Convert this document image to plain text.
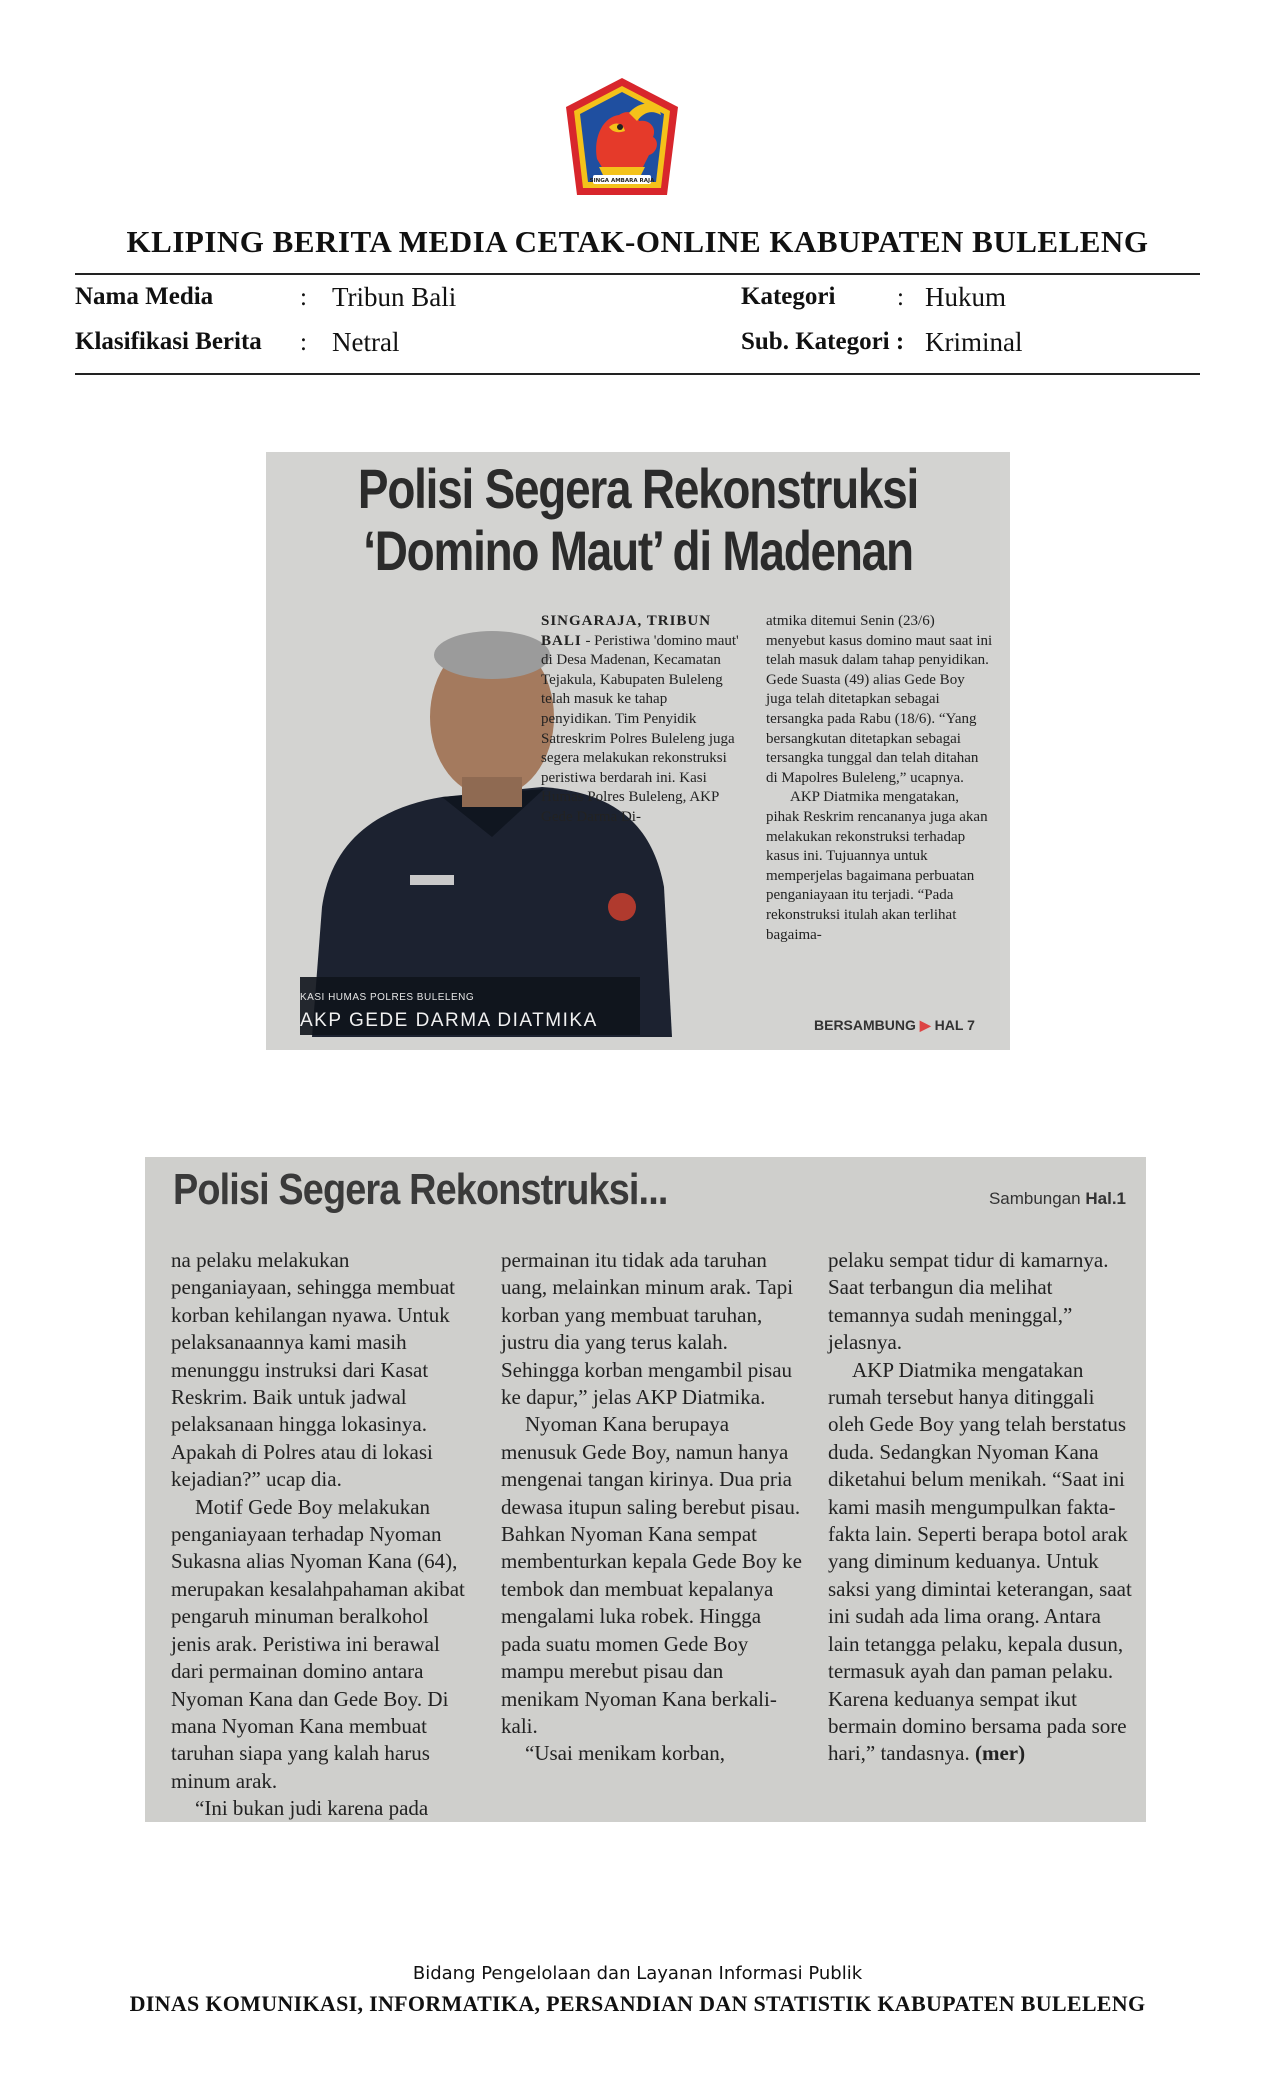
SINGA AMBARA RAJA
KLIPING BERITA MEDIA CETAK-ONLINE KABUPATEN BULELENG
Nama Media	: Tribun Bali
Klasifikasi Berita : Netral
Kategori : Hukum
Sub. Kategori : Kriminal
Polisi Segera Rekonstruksi
‘Domino Maut’ di Madenan
KASI HUMAS POLRES BULELENG
AKP GEDE DARMA DIATMIKA

SINGARAJA, TRIBUN BALI - Peristiwa 'domino maut' di Desa Madenan, Kecamatan Tejakula, Kabupaten Buleleng telah masuk ke tahap penyidikan. Tim Penyidik Satreskrim Polres Buleleng juga segera melakukan rekonstruksi peristiwa berdarah ini. Kasi Humas Polres Buleleng, AKP Gede Darma Di-

atmika ditemui Senin (23/6) menyebut kasus domino maut saat ini telah masuk dalam tahap penyidikan. Gede Suasta (49) alias Gede Boy juga telah ditetapkan sebagai tersangka pada Rabu (18/6). “Yang bersangkutan ditetapkan sebagai tersangka tunggal dan telah ditahan di Mapolres Buleleng,” ucapnya.

AKP Diatmika mengatakan, pihak Reskrim rencananya juga akan melakukan rekonstruksi terhadap kasus ini. Tujuannya untuk memperjelas bagaimana perbuatan penganiayaan itu terjadi. “Pada rekonstruksi itulah akan terlihat bagaima-

BERSAMBUNG ▶ HAL 7
Polisi Segera Rekonstruksi...	Sambungan Hal.1

na pelaku melakukan penganiayaan, sehingga membuat korban kehilangan nyawa. Untuk pelaksanaannya kami masih menunggu instruksi dari Kasat Reskrim. Baik untuk jadwal pelaksanaan hingga lokasinya. Apakah di Polres atau di lokasi kejadian?” ucap dia.

Motif Gede Boy melakukan penganiayaan terhadap Nyoman Sukasna alias Nyoman Kana (64), merupakan kesalahpahaman akibat pengaruh minuman beralkohol jenis arak. Peristiwa ini berawal dari permainan domino antara Nyoman Kana dan Gede Boy. Di mana Nyoman Kana membuat taruhan siapa yang kalah harus minum arak.

“Ini bukan judi karena pada

permainan itu tidak ada taruhan uang, melainkan minum arak. Tapi korban yang membuat taruhan, justru dia yang terus kalah. Sehingga korban mengambil pisau ke dapur,” jelas AKP Diatmika.

Nyoman Kana berupaya menusuk Gede Boy, namun hanya mengenai tangan kirinya. Dua pria dewasa itupun saling berebut pisau. Bahkan Nyoman Kana sempat membenturkan kepala Gede Boy ke tembok dan membuat kepalanya mengalami luka robek. Hingga pada suatu momen Gede Boy mampu merebut pisau dan menikam Nyoman Kana berkali-kali.

“Usai menikam korban,

pelaku sempat tidur di kamarnya. Saat terbangun dia melihat temannya sudah meninggal,” jelasnya.

AKP Diatmika mengatakan rumah tersebut hanya ditinggali oleh Gede Boy yang telah berstatus duda. Sedangkan Nyoman Kana diketahui belum menikah. “Saat ini kami masih mengumpulkan fakta-fakta lain. Seperti berapa botol arak yang diminum keduanya. Untuk saksi yang dimintai keterangan, saat ini sudah ada lima orang. Antara lain tetangga pelaku, kepala dusun, termasuk ayah dan paman pelaku. Karena keduanya sempat ikut bermain domino bersama pada sore hari,” tandasnya. (mer)

Bidang Pengelolaan dan Layanan Informasi Publik
DINAS KOMUNIKASI, INFORMATIKA, PERSANDIAN DAN STATISTIK KABUPATEN BULELENG
